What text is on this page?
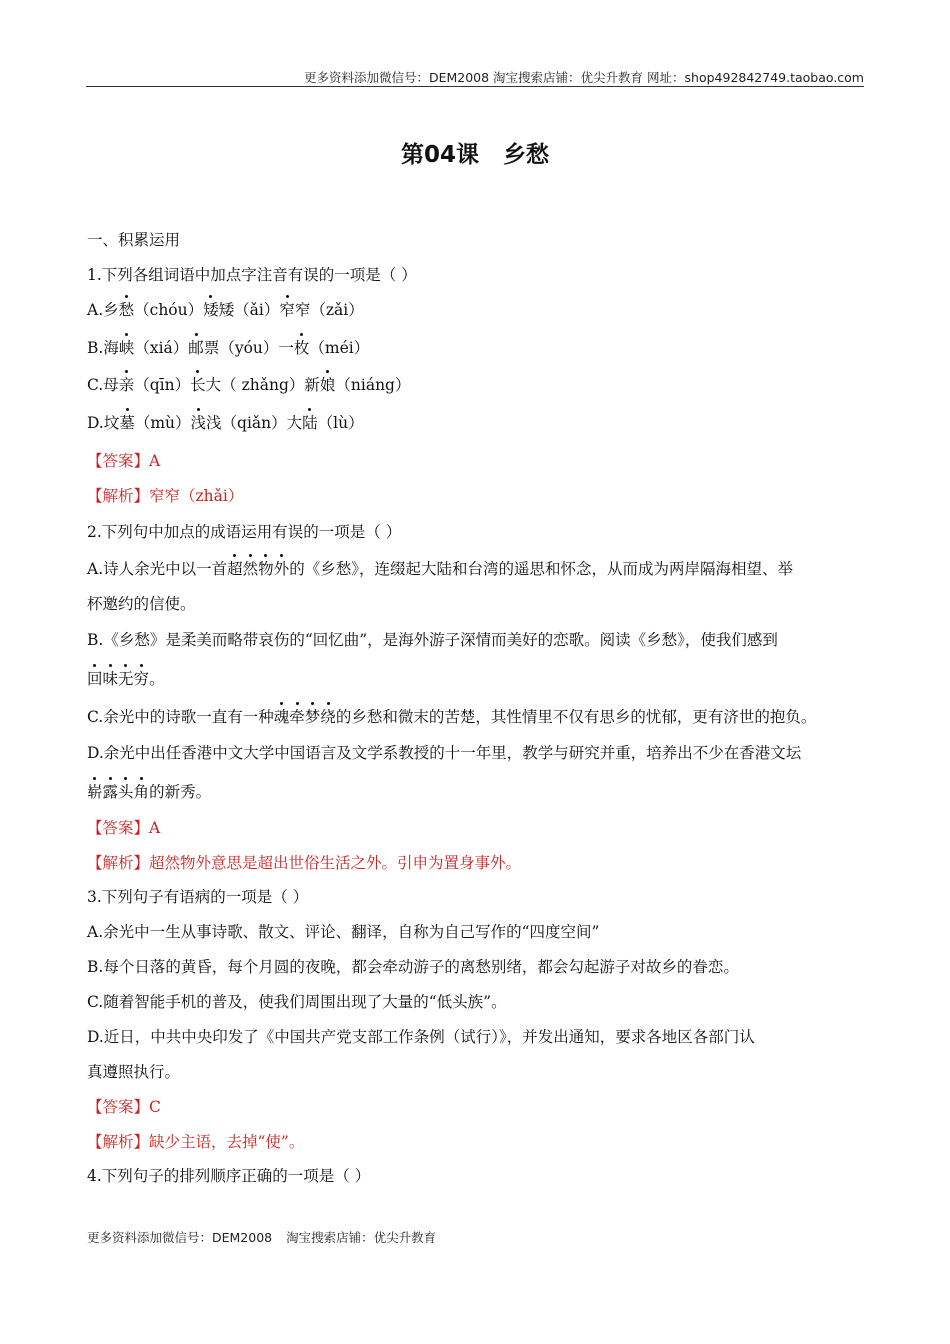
更多资料添加微信号：DEM2008 淘宝搜索店铺：优尖升教育 网址：shop492842749.taobao.com
第04课 乡愁
一、积累运用
1.下列各组词语中加点字注音有误的一项是（ ）
A.乡愁（chóu）矮矮（ǎi）窄窄（zǎi）
B.海峡（xiá）邮票（yóu）一枚（méi）
C.母亲（qīn）长大（ zhǎng）新娘（niáng）
D.坟墓（mù）浅浅（qiǎn）大陆（lù）
【答案】A
【解析】窄窄（zhǎi）
2.下列句中加点的成语运用有误的一项是（ ）
A.诗人余光中以一首超然物外的《乡愁》，连缀起大陆和台湾的遥思和怀念，从而成为两岸隔海相望、举
杯邀约的信使。
B.《乡愁》是柔美而略带哀伤的“回忆曲”，是海外游子深情而美好的恋歌。阅读《乡愁》，使我们感到
回味无穷。
C.余光中的诗歌一直有一种魂牵梦绕的乡愁和微末的苦楚，其性情里不仅有思乡的忧郁，更有济世的抱负。
D.余光中出任香港中文大学中国语言及文学系教授的十一年里，教学与研究并重，培养出不少在香港文坛
崭露头角的新秀。
【答案】A
【解析】超然物外意思是超出世俗生活之外。引申为置身事外。
3.下列句子有语病的一项是（ ）
A.余光中一生从事诗歌、散文、评论、翻译，自称为自己写作的“四度空间”
B.每个日落的黄昏，每个月圆的夜晚，都会牵动游子的离愁别绪，都会勾起游子对故乡的眷恋。
C.随着智能手机的普及，使我们周围出现了大量的“低头族”。
D.近日，中共中央印发了《中国共产党支部工作条例（试行）》，并发出通知，要求各地区各部门认
真遵照执行。
【答案】C
【解析】缺少主语，去掉“使”。
4.下列句子的排列顺序正确的一项是（ ）
更多资料添加微信号：DEM2008 淘宝搜索店铺：优尖升教育
